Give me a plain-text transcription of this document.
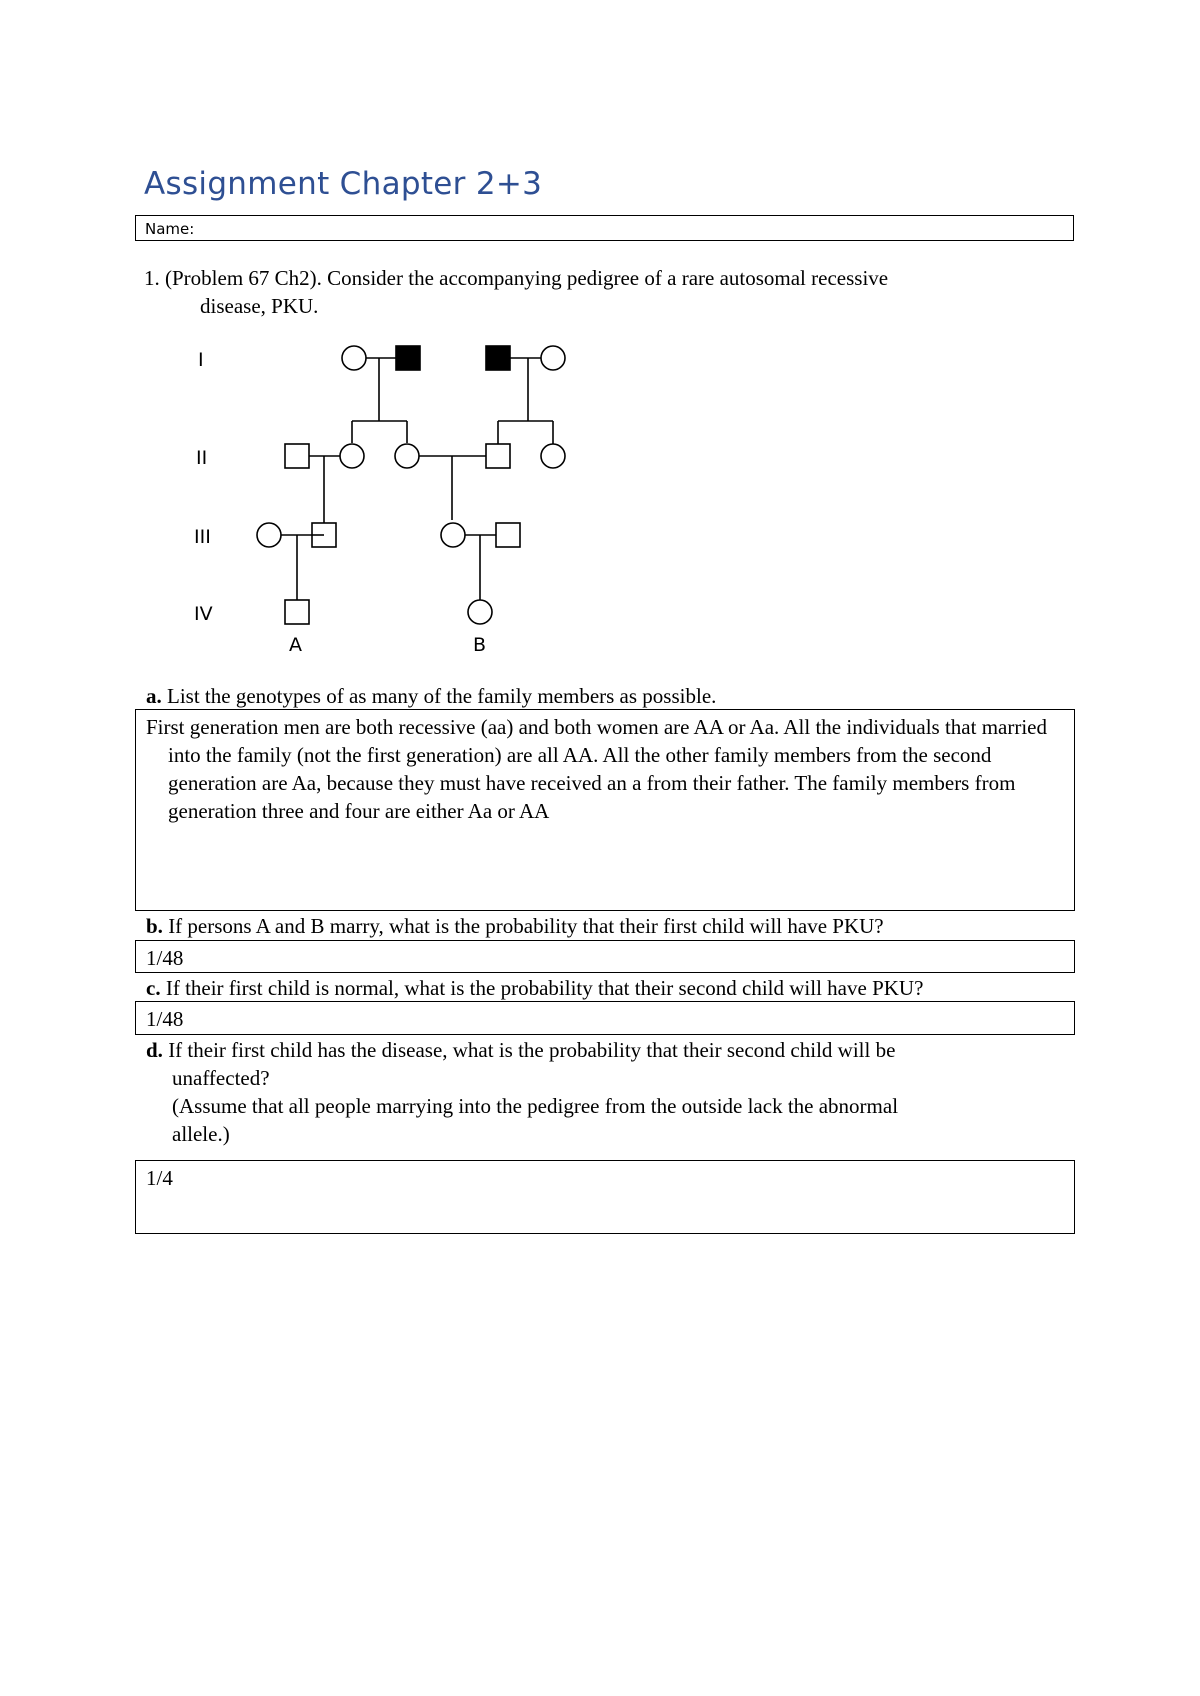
Assignment Chapter 2+3
Name:
1. (Problem 67 Ch2). Consider the accompanying pedigree of a rare autosomal recessive
disease, PKU.
I
II
III
IV
A	B
a. List the genotypes of as many of the family members as possible.
First generation men are both recessive (aa) and both women are AA or Aa. All the individuals that married into the family (not the first generation) are all AA. All the other family members from the second generation are Aa, because they must have received an a from their father. The family members from generation three and four are either Aa or AA
b. If persons A and B marry, what is the probability that their first child will have PKU?
1/48
c. If their first child is normal, what is the probability that their second child will have PKU?
1/48
d. If their first child has the disease, what is the probability that their second child will be
unaffected?
(Assume that all people marrying into the pedigree from the outside lack the abnormal
allele.)
1/4
